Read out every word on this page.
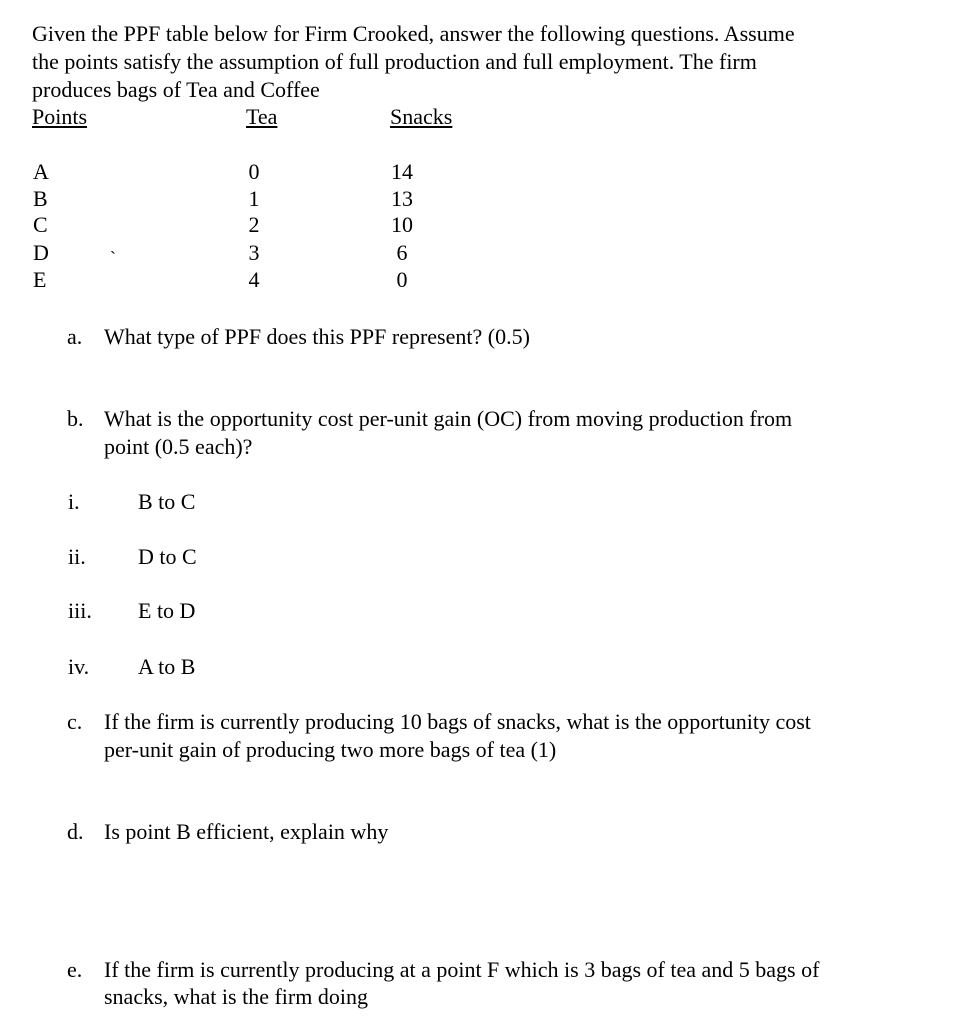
Given the PPF table below for Firm Crooked, answer the following questions. Assume
the points satisfy the assumption of full production and full employment. The firm
produces bags of Tea and Coffee
Points	Tea	Snacks
A	0	14
B	1	13
C	2	10
D	`	3	6
E	4	0
a. What type of PPF does this PPF represent? (0.5)
b. What is the opportunity cost per-unit gain (OC) from moving production from
point (0.5 each)?
i.	B to C
ii. D to C
iii. E to D
iv. A to B
c. If the firm is currently producing 10 bags of snacks, what is the opportunity cost
per-unit gain of producing two more bags of tea (1)
d. Is point B efficient, explain why
e. If the firm is currently producing at a point F which is 3 bags of tea and 5 bags of
snacks, what is the firm doing
